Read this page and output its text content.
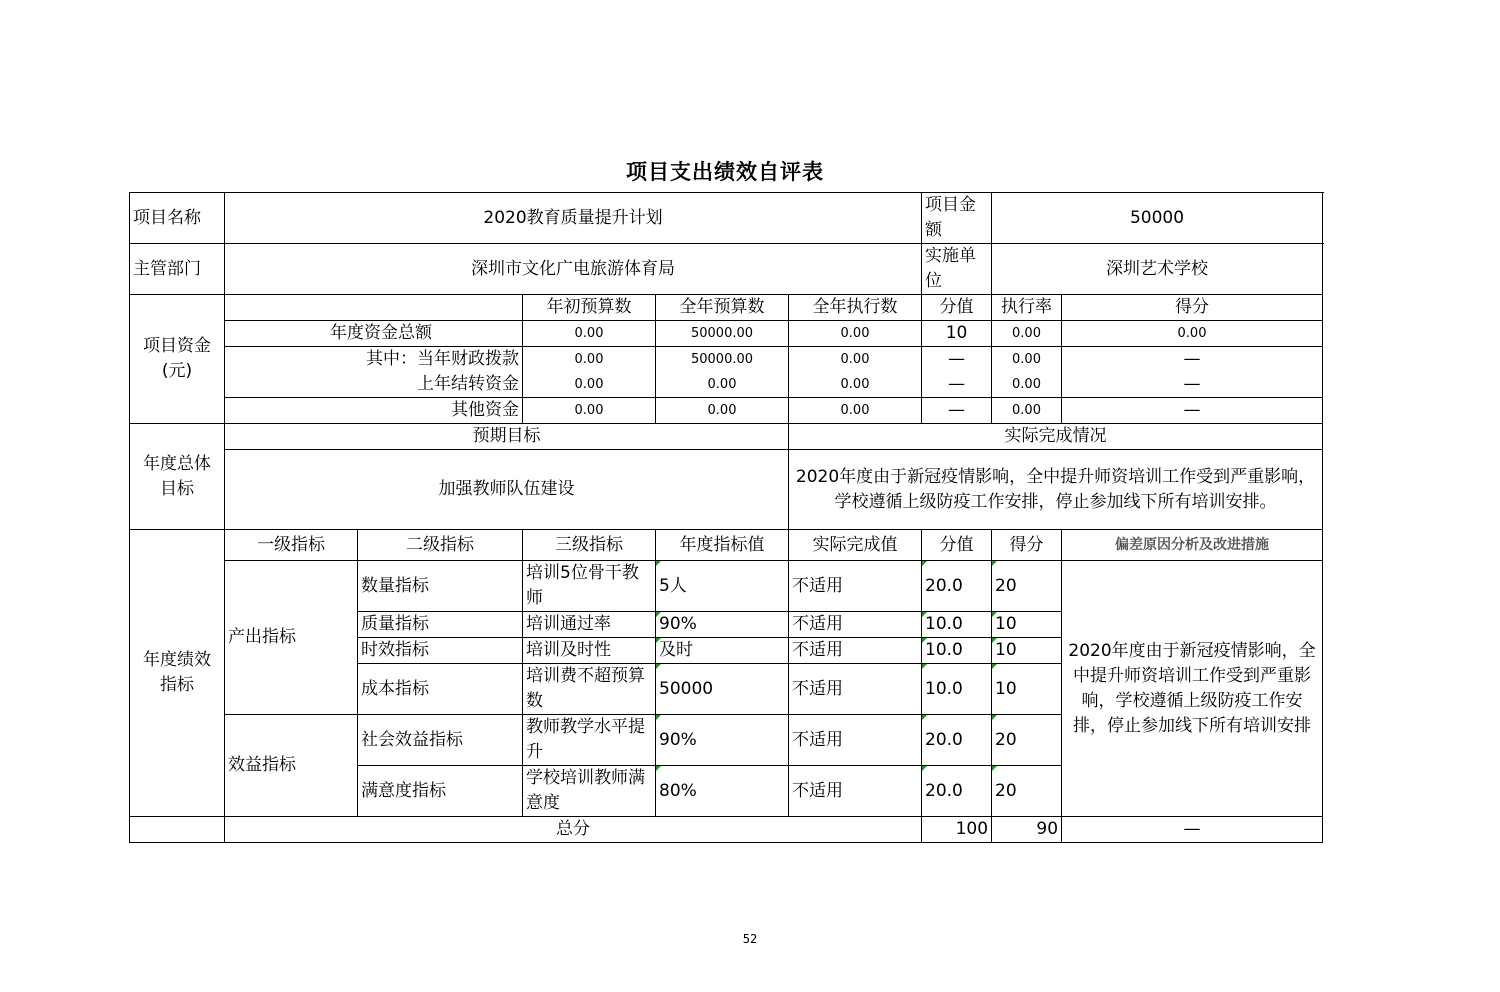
项目支出绩效自评表
项目名称	2020教育质量提升计划					项目金额	50000	
主管部门	深圳市文化广电旅游体育局					实施单位	深圳艺术学校	

项目资金
(元)			年初预算数	全年预算数	全年执行数	分值	执行率	得分
	年度资金总额		0.00	50000.00	0.00	10	0.00	0.00
	其中：当年财政拨款		0.00	50000.00	0.00	—	0.00	—
	上年结转资金		0.00	0.00	0.00	—	0.00	—
	其他资金		0.00	0.00	0.00	—	0.00	—

年度总体
目标	预期目标				实际完成情况			
	加强教师队伍建设				2020年度由于新冠疫情影响，全中提升师资培训工作受到严重影响，学校遵循上级防疫工作安排，停止参加线下所有培训安排。			

年度绩效
指标	一级指标	二级指标	三级指标	年度指标值	实际完成值	分值	得分	偏差原因分析及改进措施
	产出指标	数量指标	培训5位骨干教师	5人	不适用	20.0	20	2020年度由于新冠疫情影响，全中提升师资培训工作受到严重影响，学校遵循上级防疫工作安排，停止参加线下所有培训安排
		质量指标	培训通过率	90%	不适用	10.0	10	
		时效指标	培训及时性	及时	不适用	10.0	10	
		成本指标	培训费不超预算数	50000	不适用	10.0	10	
	效益指标	社会效益指标	教师教学水平提升	90%	不适用	20.0	20	
		满意度指标	学校培训教师满意度	80%	不适用	20.0	20	
	总分					100	90	—
52
